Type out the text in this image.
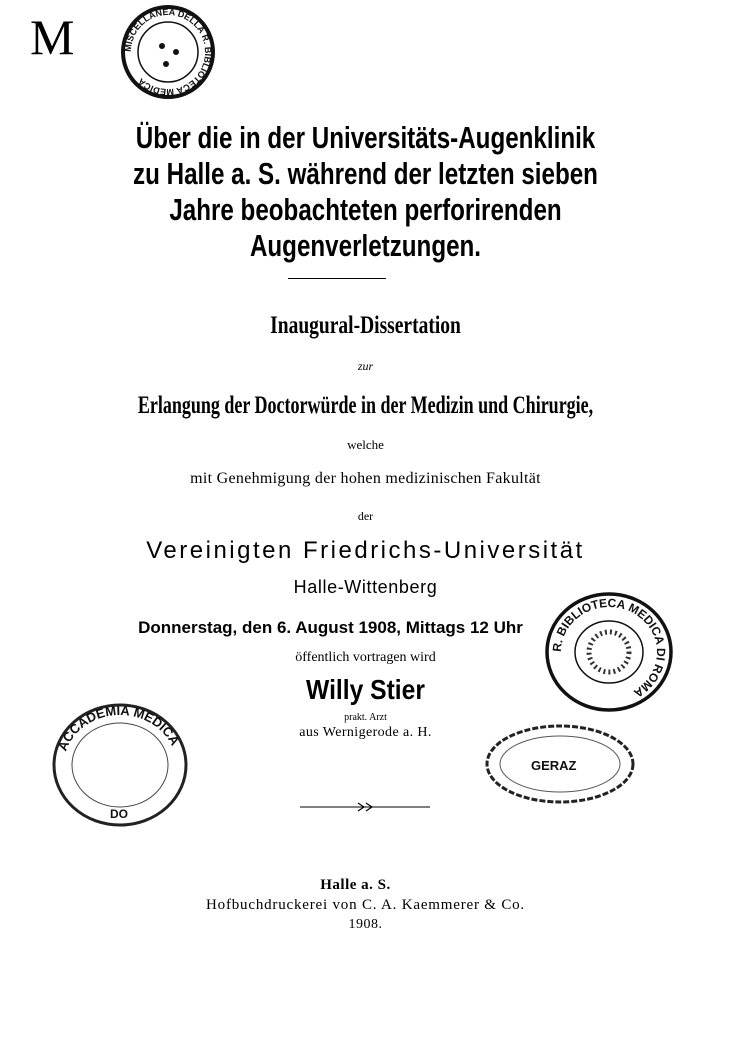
M	MISCELLANEA DELLA R. BIBLIOTECA MEDICA
Über die in der Universitäts-Augenklinik
zu Halle a. S. während der letzten sieben
Jahre beobachteten perforirenden
Augenverletzungen.
Inaugural-Dissertation
zur
Erlangung der Doctorwürde in der Medizin und Chirurgie,
welche
mit Genehmigung der hohen medizinischen Fakultät
der
Vereinigten Friedrichs-Universität
Halle-Wittenberg
Donnerstag, den 6. August 1908, Mittags 12 Uhr
öffentlich vortragen wird
Willy Stier
prakt. Arzt
aus Wernigerode a. H.
R. BIBLIOTECA MEDICA DI ROMA
ACCADEMIA MEDICA
DO
GERAZ
Halle a. S.
Hofbuchdruckerei von C. A. Kaemmerer & Co.
1908.
